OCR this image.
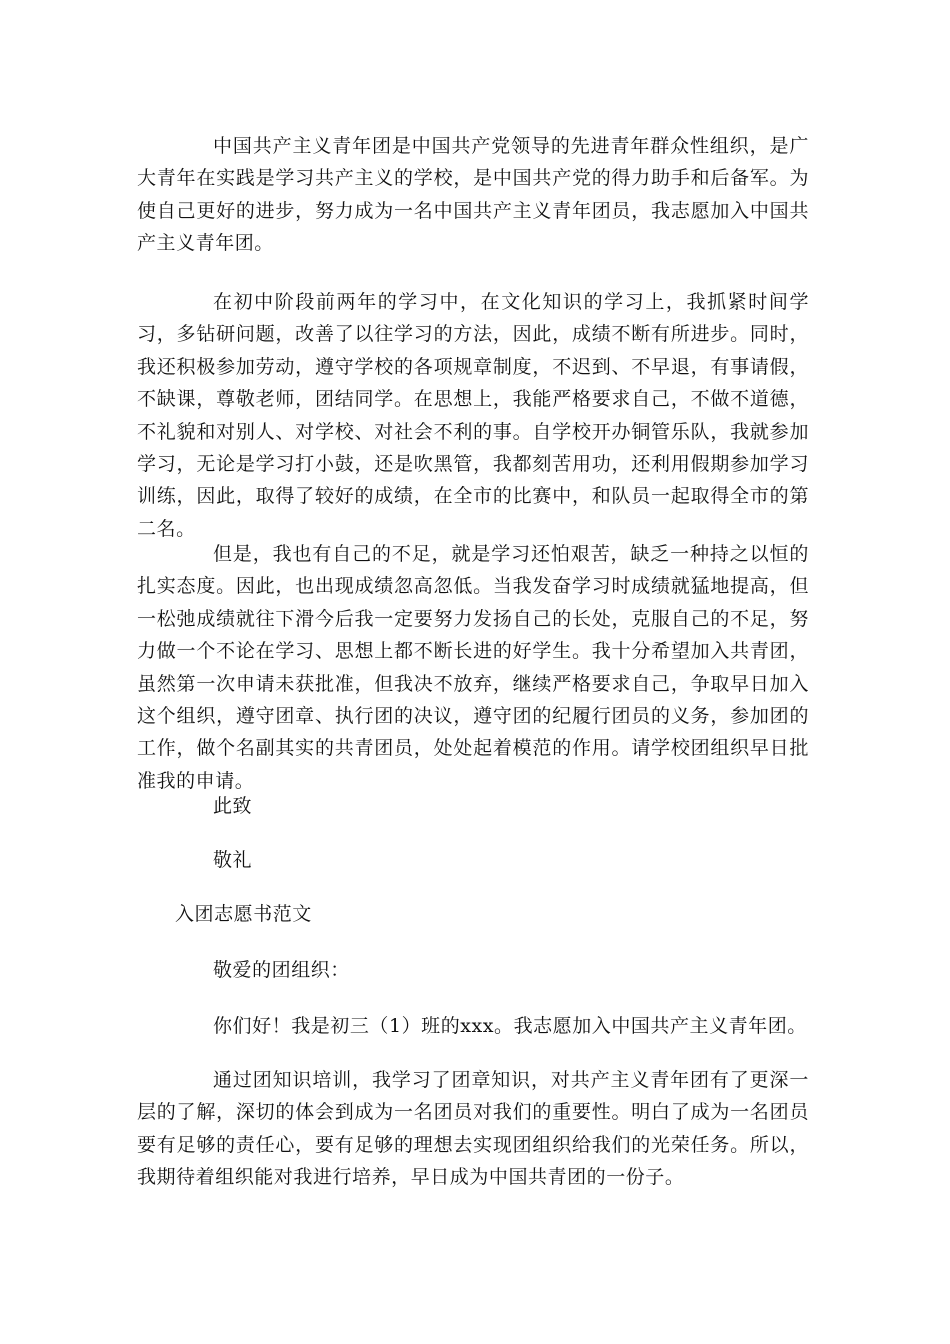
中国共产主义青年团是中国共产党领导的先进青年群众性组织，是广大青年在实践是学习共产主义的学校，是中国共产党的得力助手和后备军。为使自己更好的进步，努力成为一名中国共产主义青年团员，我志愿加入中国共产主义青年团。

在初中阶段前两年的学习中，在文化知识的学习上，我抓紧时间学习，多钻研问题，改善了以往学习的方法，因此，成绩不断有所进步。同时，我还积极参加劳动，遵守学校的各项规章制度，不迟到、不早退，有事请假，不缺课，尊敬老师，团结同学。在思想上，我能严格要求自己，不做不道德，不礼貌和对别人、对学校、对社会不利的事。自学校开办铜管乐队，我就参加学习，无论是学习打小鼓，还是吹黑管，我都刻苦用功，还利用假期参加学习训练，因此，取得了较好的成绩，在全市的比赛中，和队员一起取得全市的第二名。

但是，我也有自己的不足，就是学习还怕艰苦，缺乏一种持之以恒的扎实态度。因此，也出现成绩忽高忽低。当我发奋学习时成绩就猛地提高，但一松弛成绩就往下滑今后我一定要努力发扬自己的长处，克服自己的不足，努力做一个不论在学习、思想上都不断长进的好学生。我十分希望加入共青团，虽然第一次申请未获批准，但我决不放弃，继续严格要求自己，争取早日加入这个组织，遵守团章、执行团的决议，遵守团的纪履行团员的义务，参加团的工作，做个名副其实的共青团员，处处起着模范的作用。请学校团组织早日批准我的申请。

此致

敬礼

入团志愿书范文

敬爱的团组织：

你们好！我是初三（1）班的xxx。我志愿加入中国共产主义青年团。

通过团知识培训，我学习了团章知识，对共产主义青年团有了更深一层的了解，深切的体会到成为一名团员对我们的重要性。明白了成为一名团员要有足够的责任心，要有足够的理想去实现团组织给我们的光荣任务。所以，我期待着组织能对我进行培养，早日成为中国共青团的一份子。
